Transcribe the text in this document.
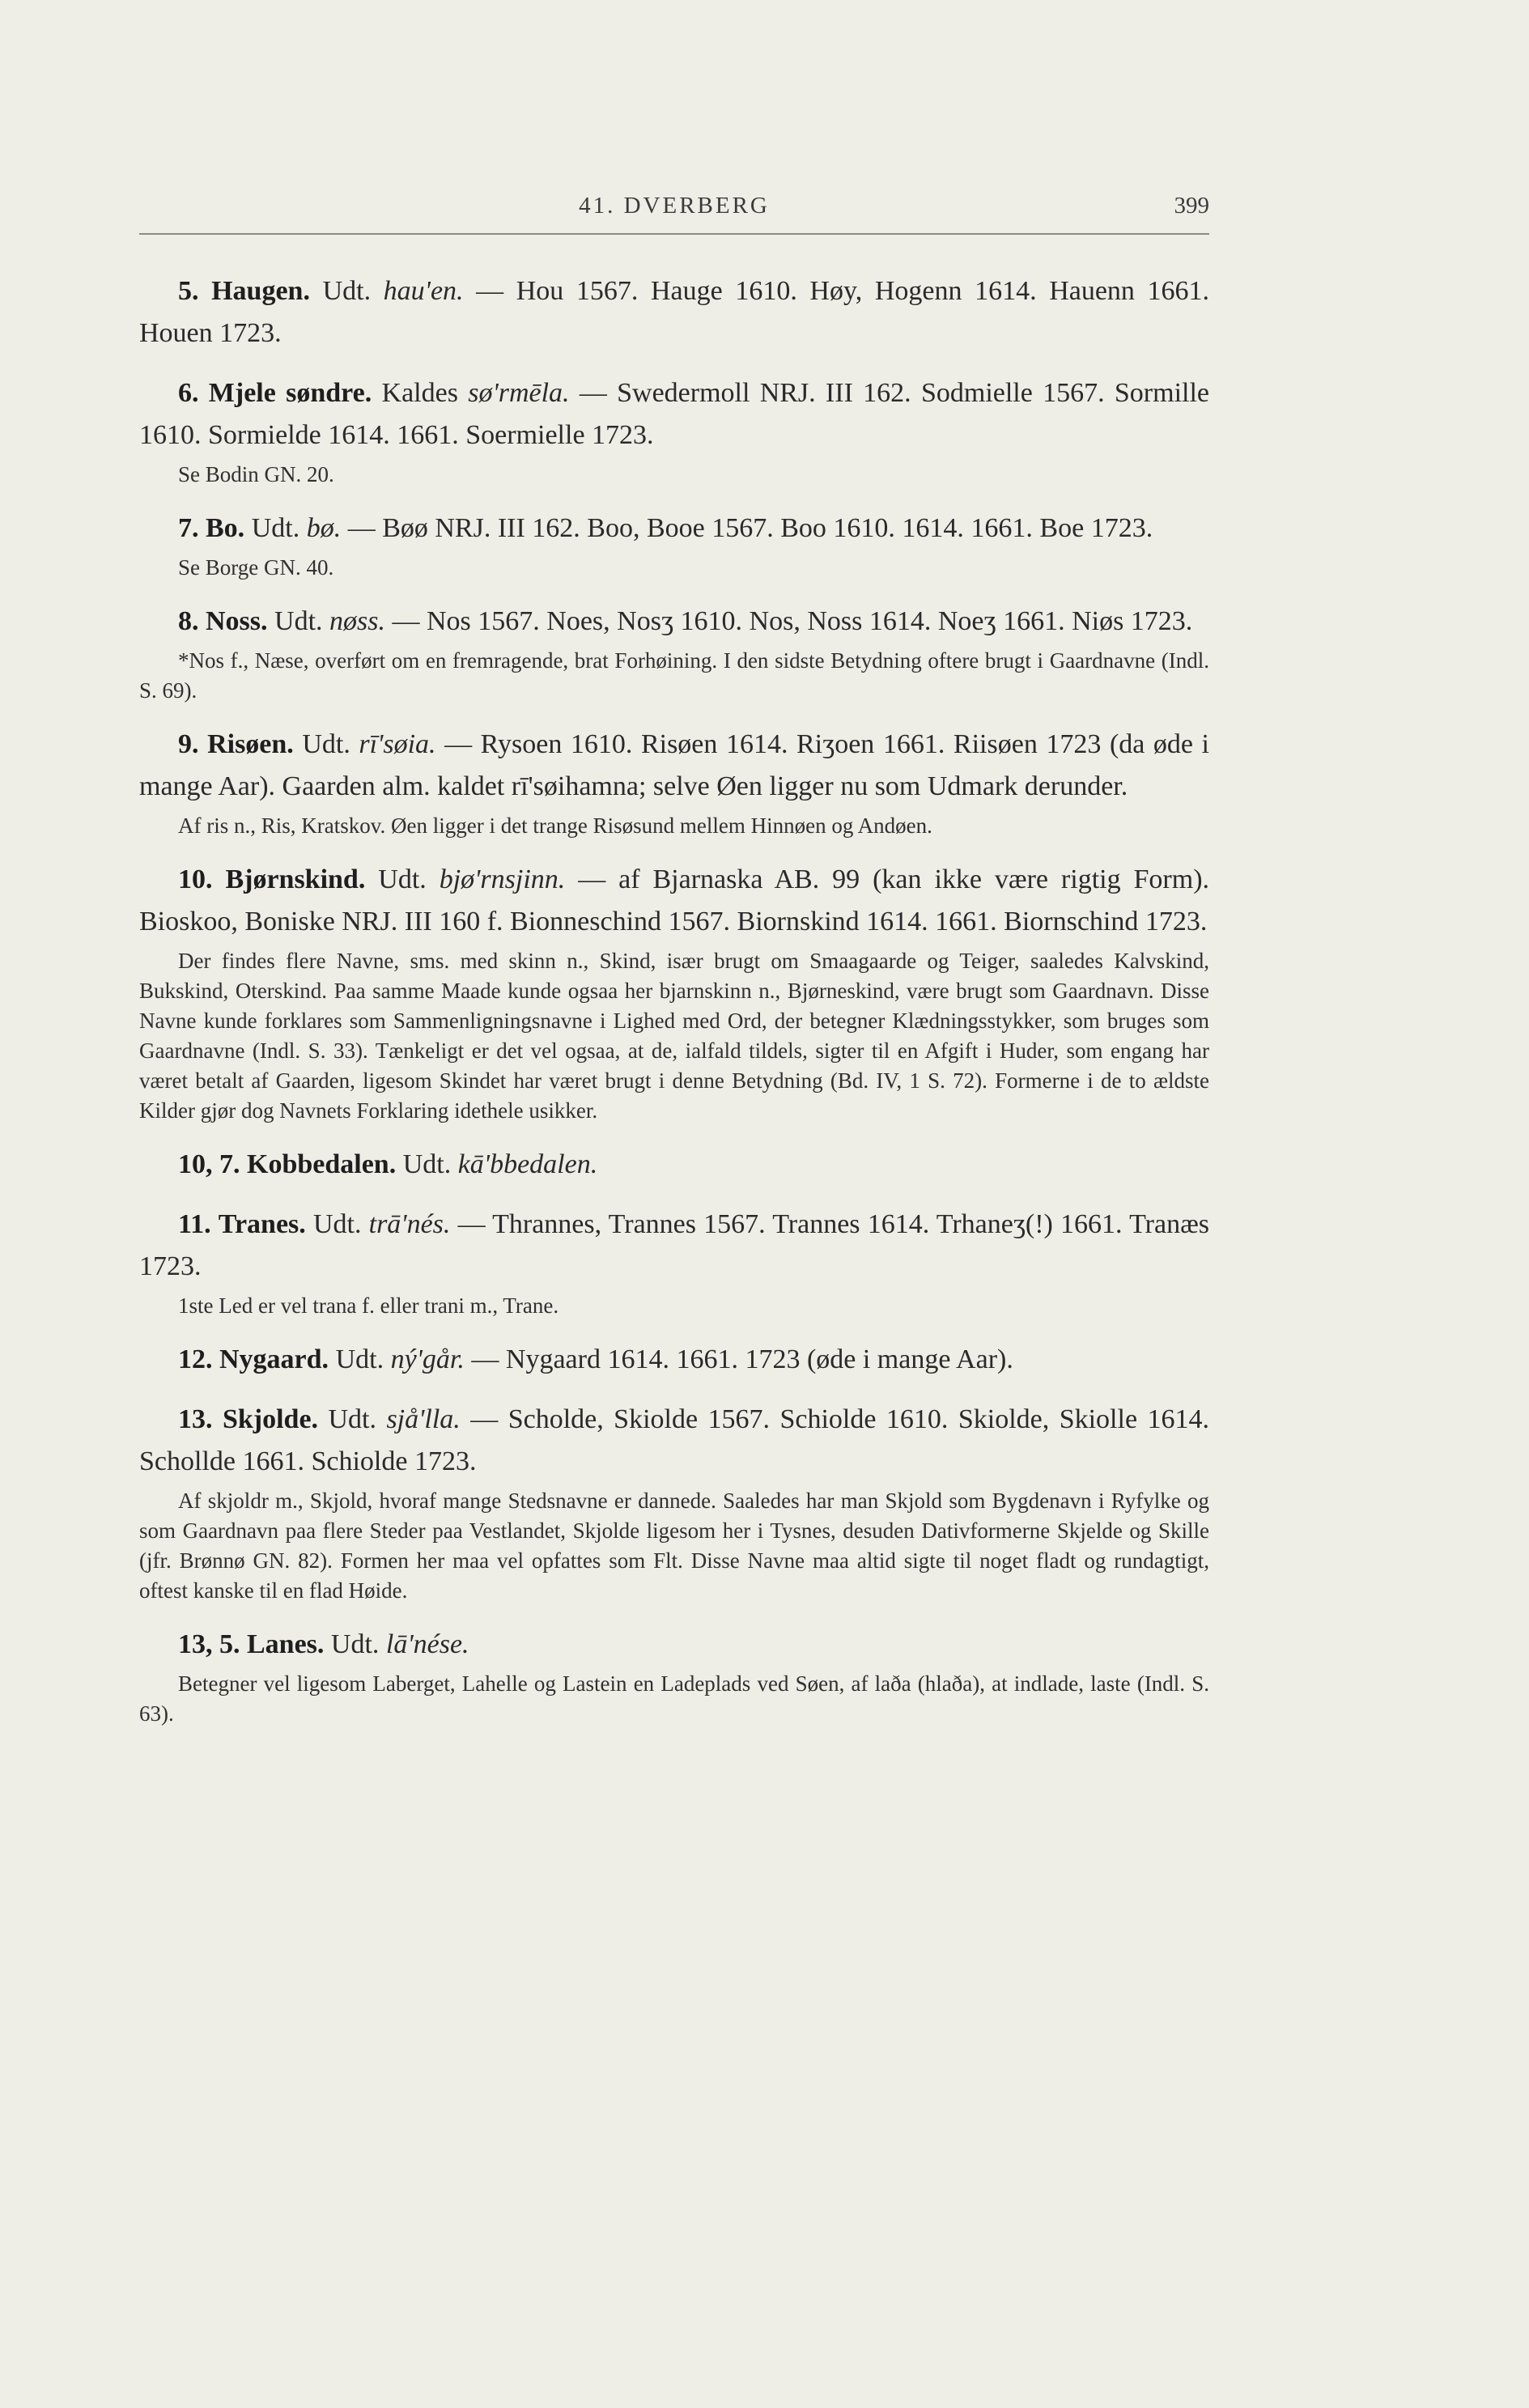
41. DVERBERG	399
5. Haugen. Udt. hau'en. — Hou 1567. Hauge 1610. Høy, Hogenn 1614. Hauenn 1661. Houen 1723.
6. Mjele søndre. Kaldes sø'rmēla. — Swedermoll NRJ. III 162. Sodmielle 1567. Sormille 1610. Sormielde 1614. 1661. Soermielle 1723.
Se Bodin GN. 20.
7. Bo. Udt. bø. — Bøø NRJ. III 162. Boo, Booe 1567. Boo 1610. 1614. 1661. Boe 1723.
Se Borge GN. 40.
8. Noss. Udt. nøss. — Nos 1567. Noes, Nosʒ 1610. Nos, Noss 1614. Noeʒ 1661. Niøs 1723.
*Nos f., Næse, overført om en fremragende, brat Forhøining. I den sidste Betydning oftere brugt i Gaardnavne (Indl. S. 69).
9. Risøen. Udt. rī'søia. — Rysoen 1610. Risøen 1614. Riʒoen 1661. Riisøen 1723 (da øde i mange Aar). Gaarden alm. kaldet rī'søihamna; selve Øen ligger nu som Udmark derunder.
Af ris n., Ris, Kratskov. Øen ligger i det trange Risøsund mellem Hinnøen og Andøen.
10. Bjørnskind. Udt. bjø'rnsjinn. — af Bjarnaska AB. 99 (kan ikke være rigtig Form). Bioskoo, Boniske NRJ. III 160 f. Bionneschind 1567. Biornskind 1614. 1661. Biornschind 1723.
Der findes flere Navne, sms. med skinn n., Skind, især brugt om Smaagaarde og Teiger, saaledes Kalvskind, Bukskind, Oterskind. Paa samme Maade kunde ogsaa her bjarnskinn n., Bjørneskind, være brugt som Gaardnavn. Disse Navne kunde forklares som Sammenligningsnavne i Lighed med Ord, der betegner Klædningsstykker, som bruges som Gaardnavne (Indl. S. 33). Tænkeligt er det vel ogsaa, at de, ialfald tildels, sigter til en Afgift i Huder, som engang har været betalt af Gaarden, ligesom Skindet har været brugt i denne Betydning (Bd. IV, 1 S. 72). Formerne i de to ældste Kilder gjør dog Navnets Forklaring idethele usikker.
10, 7. Kobbedalen. Udt. kā'bbedalen.
11. Tranes. Udt. trā'nés. — Thrannes, Trannes 1567. Trannes 1614. Trhaneʒ(!) 1661. Tranæs 1723.
1ste Led er vel trana f. eller trani m., Trane.
12. Nygaard. Udt. ný'går. — Nygaard 1614. 1661. 1723 (øde i mange Aar).
13. Skjolde. Udt. sjå'lla. — Scholde, Skiolde 1567. Schiolde 1610. Skiolde, Skiolle 1614. Schollde 1661. Schiolde 1723.
Af skjoldr m., Skjold, hvoraf mange Stedsnavne er dannede. Saaledes har man Skjold som Bygdenavn i Ryfylke og som Gaardnavn paa flere Steder paa Vestlandet, Skjolde ligesom her i Tysnes, desuden Dativformerne Skjelde og Skille (jfr. Brønnø GN. 82). Formen her maa vel opfattes som Flt. Disse Navne maa altid sigte til noget fladt og rundagtigt, oftest kanske til en flad Høide.
13, 5. Lanes. Udt. lā'nése.
Betegner vel ligesom Laberget, Lahelle og Lastein en Ladeplads ved Søen, af laða (hlaða), at indlade, laste (Indl. S. 63).
